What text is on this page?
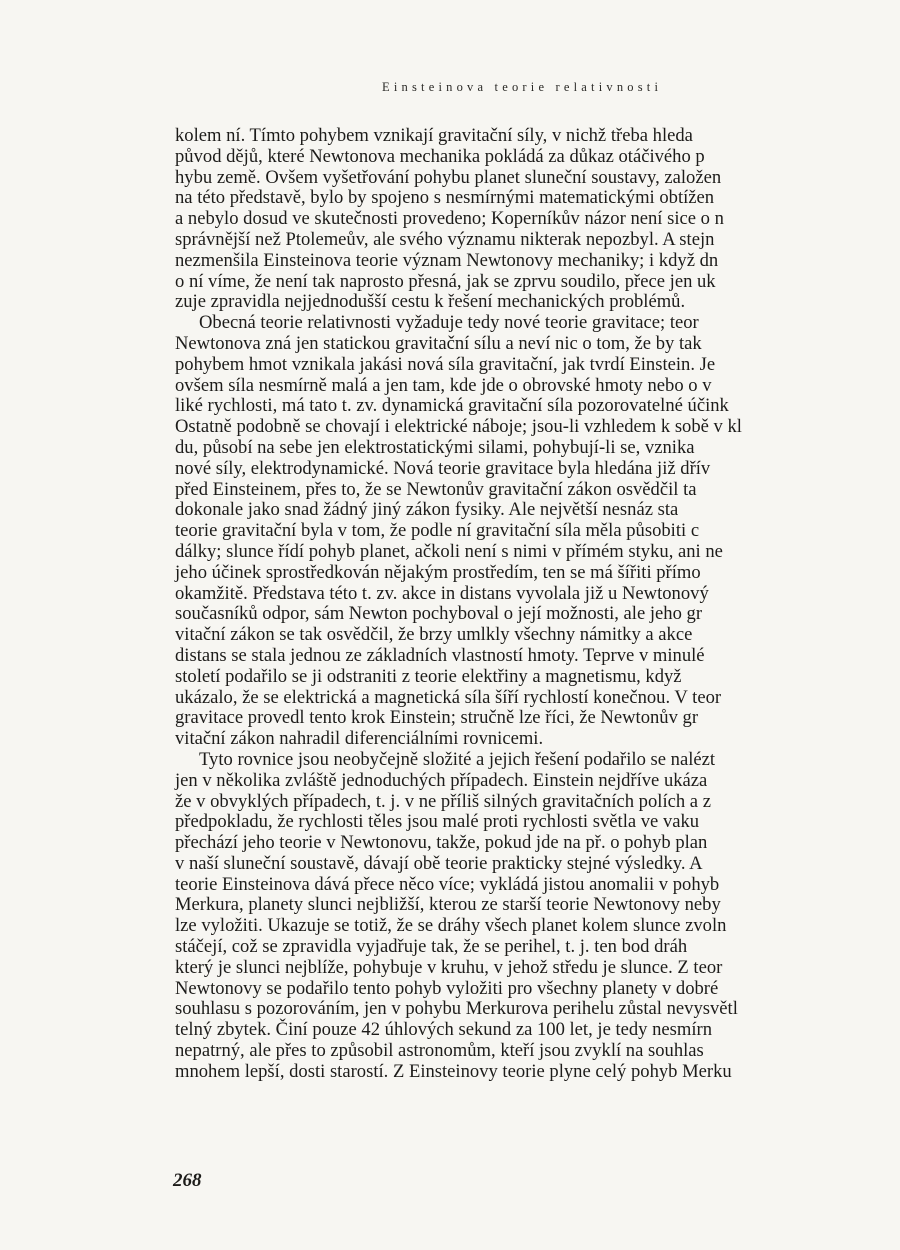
Einsteinova teorie relativnosti
kolem ní. Tímto pohybem vznikají gravitační síly, v nichž třeba hleda
původ dějů, které Newtonova mechanika pokládá za důkaz otáčivého p
hybu země. Ovšem vyšetřování pohybu planet sluneční soustavy, založen
na této představě, bylo by spojeno s nesmírnými matematickými obtížen
a nebylo dosud ve skutečnosti provedeno; Koperníkův názor není sice o n
správnější než Ptolemeův, ale svého významu nikterak nepozbyl. A stejn
nezmenšila Einsteinova teorie význam Newtonovy mechaniky; i když dn
o ní víme, že není tak naprosto přesná, jak se zprvu soudilo, přece jen uk
zuje zpravidla nejjednodušší cestu k řešení mechanických problémů.
Obecná teorie relativnosti vyžaduje tedy nové teorie gravitace; teor
Newtonova zná jen statickou gravitační sílu a neví nic o tom, že by tak
pohybem hmot vznikala jakási nová síla gravitační, jak tvrdí Einstein. Je
ovšem síla nesmírně malá a jen tam, kde jde o obrovské hmoty nebo o v
liké rychlosti, má tato t. zv. dynamická gravitační síla pozorovatelné účink
Ostatně podobně se chovají i elektrické náboje; jsou-li vzhledem k sobě v kl
du, působí na sebe jen elektrostatickými silami, pohybují-li se, vznika
nové síly, elektrodynamické. Nová teorie gravitace byla hledána již dřív
před Einsteinem, přes to, že se Newtonův gravitační zákon osvědčil ta
dokonale jako snad žádný jiný zákon fysiky. Ale největší nesnáz sta
teorie gravitační byla v tom, že podle ní gravitační síla měla působiti c
dálky; slunce řídí pohyb planet, ačkoli není s nimi v přímém styku, ani ne
jeho účinek sprostředkován nějakým prostředím, ten se má šířiti přímo
okamžitě. Představa této t. zv. akce in distans vyvolala již u Newtonový
současníků odpor, sám Newton pochyboval o její možnosti, ale jeho gr
vitační zákon se tak osvědčil, že brzy umlkly všechny námitky a akce
distans se stala jednou ze základních vlastností hmoty. Teprve v minulé
století podařilo se ji odstraniti z teorie elektřiny a magnetismu, když
ukázalo, že se elektrická a magnetická síla šíří rychlostí konečnou. V teor
gravitace provedl tento krok Einstein; stručně lze říci, že Newtonův gr
vitační zákon nahradil diferenciálními rovnicemi.
Tyto rovnice jsou neobyčejně složité a jejich řešení podařilo se nalézt
jen v několika zvláště jednoduchých případech. Einstein nejdříve ukáza
že v obvyklých případech, t. j. v ne příliš silných gravitačních polích a z
předpokladu, že rychlosti těles jsou malé proti rychlosti světla ve vaku
přechází jeho teorie v Newtonovu, takže, pokud jde na př. o pohyb plan
v naší sluneční soustavě, dávají obě teorie prakticky stejné výsledky. A
teorie Einsteinova dává přece něco více; vykládá jistou anomalii v pohyb
Merkura, planety slunci nejbližší, kterou ze starší teorie Newtonovy neby
lze vyložiti. Ukazuje se totiž, že se dráhy všech planet kolem slunce zvoln
stáčejí, což se zpravidla vyjadřuje tak, že se perihel, t. j. ten bod dráh
který je slunci nejblíže, pohybuje v kruhu, v jehož středu je slunce. Z teor
Newtonovy se podařilo tento pohyb vyložiti pro všechny planety v dobré
souhlasu s pozorováním, jen v pohybu Merkurova perihelu zůstal nevysvětl
telný zbytek. Činí pouze 42 úhlových sekund za 100 let, je tedy nesmírn
nepatrný, ale přes to způsobil astronomům, kteří jsou zvyklí na souhlas
mnohem lepší, dosti starostí. Z Einsteinovy teorie plyne celý pohyb Merku
268
